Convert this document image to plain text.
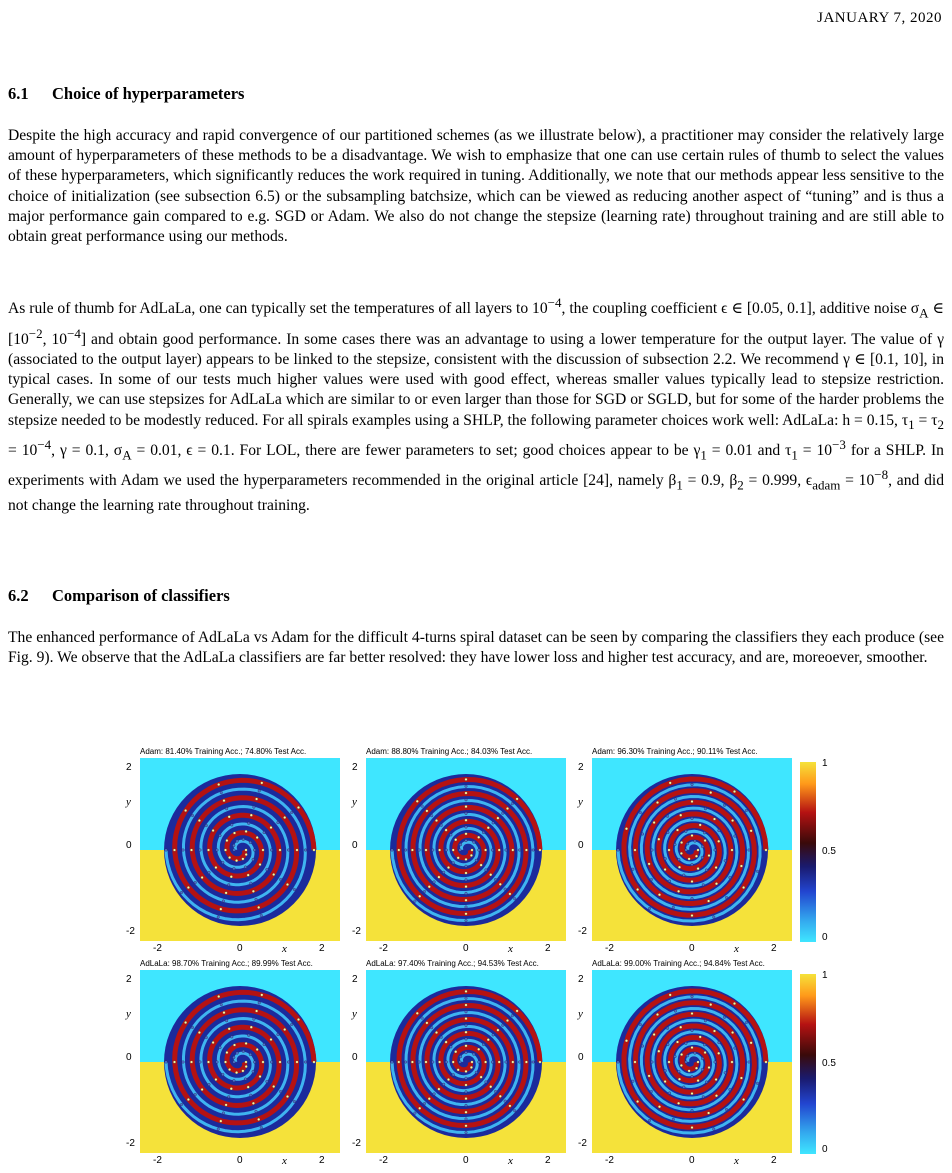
JANUARY 7, 2020
6.1 Choice of hyperparameters

Despite the high accuracy and rapid convergence of our partitioned schemes (as we illustrate below), a practitioner may consider the relatively large amount of hyperparameters of these methods to be a disadvantage. We wish to emphasize that one can use certain rules of thumb to select the values of these hyperparameters, which significantly reduces the work required in tuning. Additionally, we note that our methods appear less sensitive to the choice of initialization (see subsection 6.5) or the subsampling batchsize, which can be viewed as reducing another aspect of “tuning” and is thus a major performance gain compared to e.g. SGD or Adam. We also do not change the stepsize (learning rate) throughout training and are still able to obtain great performance using our methods.

As rule of thumb for AdLaLa, one can typically set the temperatures of all layers to $10^{-4}$, the coupling coefficient ϵ ∈ [0.05, 0.1], additive noise $\sigma_A$ ∈ [$10^{-2}$, $10^{-4}$] and obtain good performance. In some cases there was an advantage to using a lower temperature for the output layer. The value of γ (associated to the output layer) appears to be linked to the stepsize, consistent with the discussion of subsection 2.2. We recommend γ ∈ [0.1, 10], in typical cases. In some of our tests much higher values were used with good effect, whereas smaller values typically lead to stepsize restriction. Generally, we can use stepsizes for AdLaLa which are similar to or even larger than those for SGD or SGLD, but for some of the harder problems the stepsize needed to be modestly reduced. For all spirals examples using a SHLP, the following parameter choices work well: AdLaLa: h = 0.15, $\tau_1 = \tau_2 = 10^{-4}$, γ = 0.1, $\sigma_A = 0.01$, ϵ = 0.1. For LOL, there are fewer parameters to set; good choices appear to be $\gamma_1 = 0.01$ and $\tau_1 = 10^{-3}$ for a SHLP. In experiments with Adam we used the hyperparameters recommended in the original article [24], namely $\beta_1 = 0.9$, $\beta_2 = 0.999$, $\epsilon_{adam} = 10^{-8}$, and did not change the learning rate throughout training.

6.2 Comparison of classifiers

The enhanced performance of AdLaLa vs Adam for the difficult 4-turns spiral dataset can be seen by comparing the classifiers they each produce (see Fig. 9). We observe that the AdLaLa classifiers are far better resolved: they have lower loss and higher test accuracy, and are, moreoever, smoother.

Adam: 81.40% Training Acc.; 74.80% Test Acc.
2
0
-2
-2	0	2
x
y
Adam: 88.80% Training Acc.; 84.03% Test Acc.
2
0
-2
-2	0	2
x
y
Adam: 96.30% Training Acc.; 90.11% Test Acc.
2
0
-2
-2	0	2
x
y
AdLaLa: 98.70% Training Acc.; 89.99% Test Acc.
2
0
-2
-2	0	2
x
y
AdLaLa: 97.40% Training Acc.; 94.53% Test Acc.
2
0
-2
-2	0	2
x
y
AdLaLa: 99.00% Training Acc.; 94.84% Test Acc.
2
0
-2
-2	0	2
x
y
1
0.5
0
1
0.5
0
